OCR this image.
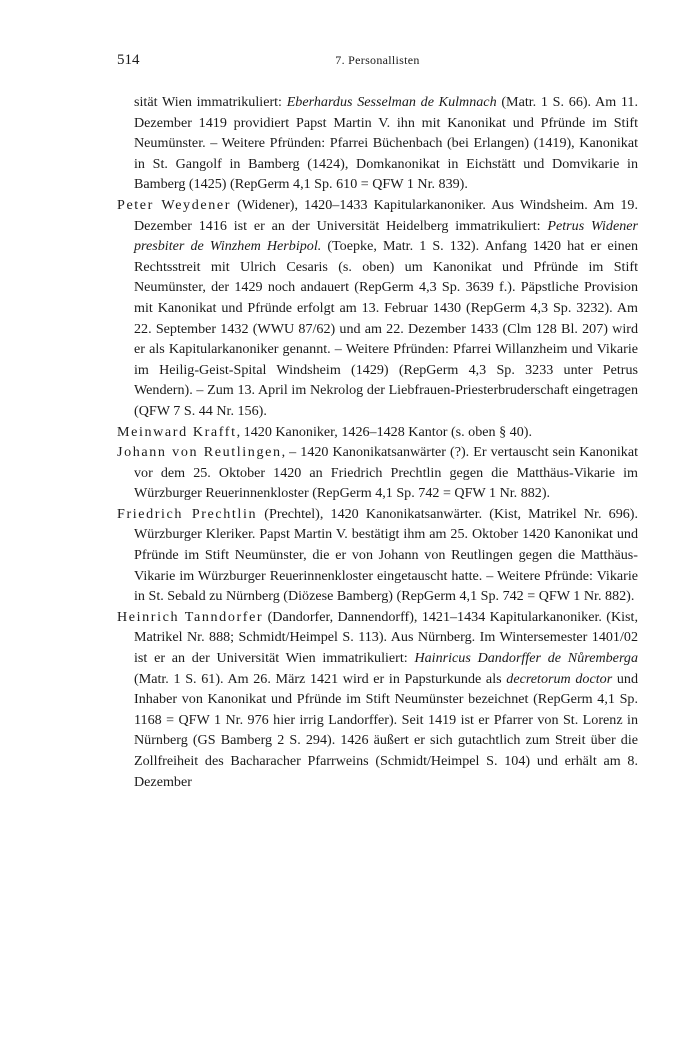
514	7. Personallisten

sität Wien immatrikuliert: Eberhardus Sesselman de Kulmnach (Matr. 1 S. 66). Am 11. Dezember 1419 providiert Papst Martin V. ihn mit Kanonikat und Pfründe im Stift Neumünster. – Weitere Pfründen: Pfarrei Büchenbach (bei Erlangen) (1419), Kanonikat in St. Gangolf in Bamberg (1424), Domkanonikat in Eichstätt und Domvikarie in Bamberg (1425) (RepGerm 4,1 Sp. 610 = QFW 1 Nr. 839).

Peter Weydener (Widener), 1420–1433 Kapitularkanoniker. Aus Windsheim. Am 19. Dezember 1416 ist er an der Universität Heidelberg immatrikuliert: Petrus Widener presbiter de Winzhem Herbipol. (Toepke, Matr. 1 S. 132). Anfang 1420 hat er einen Rechtsstreit mit Ulrich Cesaris (s. oben) um Kanonikat und Pfründe im Stift Neumünster, der 1429 noch andauert (RepGerm 4,3 Sp. 3639 f.). Päpstliche Provision mit Kanonikat und Pfründe erfolgt am 13. Februar 1430 (RepGerm 4,3 Sp. 3232). Am 22. September 1432 (WWU 87/62) und am 22. Dezember 1433 (Clm 128 Bl. 207) wird er als Kapitularkanoniker genannt. – Weitere Pfründen: Pfarrei Willanzheim und Vikarie im Heilig-Geist-Spital Windsheim (1429) (RepGerm 4,3 Sp. 3233 unter Petrus Wendern). – Zum 13. April im Nekrolog der Liebfrauen-Priesterbruderschaft eingetragen (QFW 7 S. 44 Nr. 156).

Meinward Krafft, 1420 Kanoniker, 1426–1428 Kantor (s. oben § 40).

Johann von Reutlingen, – 1420 Kanonikatsanwärter (?). Er vertauscht sein Kanonikat vor dem 25. Oktober 1420 an Friedrich Prechtlin gegen die Matthäus-Vikarie im Würzburger Reuerinnenkloster (RepGerm 4,1 Sp. 742 = QFW 1 Nr. 882).

Friedrich Prechtlin (Prechtel), 1420 Kanonikatsanwärter. (Kist, Matrikel Nr. 696). Würzburger Kleriker. Papst Martin V. bestätigt ihm am 25. Oktober 1420 Kanonikat und Pfründe im Stift Neumünster, die er von Johann von Reutlingen gegen die Matthäus-Vikarie im Würzburger Reuerinnenkloster eingetauscht hatte. – Weitere Pfründe: Vikarie in St. Sebald zu Nürnberg (Diözese Bamberg) (RepGerm 4,1 Sp. 742 = QFW 1 Nr. 882).

Heinrich Tanndorfer (Dandorfer, Dannendorff), 1421–1434 Kapitularkanoniker. (Kist, Matrikel Nr. 888; Schmidt/Heimpel S. 113). Aus Nürnberg. Im Wintersemester 1401/02 ist er an der Universität Wien immatrikuliert: Hainricus Dandorffer de Nůremberga (Matr. 1 S. 61). Am 26. März 1421 wird er in Papsturkunde als decretorum doctor und Inhaber von Kanonikat und Pfründe im Stift Neumünster bezeichnet (RepGerm 4,1 Sp. 1168 = QFW 1 Nr. 976 hier irrig Landorffer). Seit 1419 ist er Pfarrer von St. Lorenz in Nürnberg (GS Bamberg 2 S. 294). 1426 äußert er sich gutachtlich zum Streit über die Zollfreiheit des Bacharacher Pfarrweins (Schmidt/Heimpel S. 104) und erhält am 8. Dezember
